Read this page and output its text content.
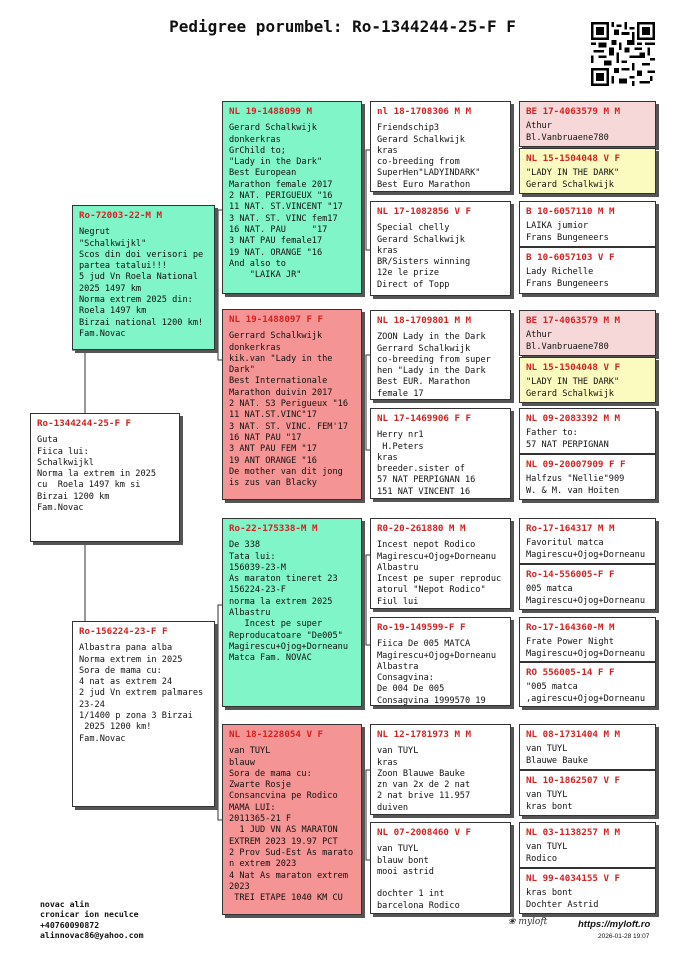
Pedigree porumbel: Ro-1344244-25-F F
Ro-1344244-25-F F
Guta
Fiica lui:
Schalkwijkl
Norma la extrem in 2025
cu  Roela 1497 km si
Birzai 1200 km
Fam.Novac
Ro-72003-22-M M
Negrut
"Schalkwijkl"
Scos din doi verisori pe
partea tatalui!!!
5 jud Vn Roela National
2025 1497 km
Norma extrem 2025 din:
Roela 1497 km
Birzai national 1200 km!
Fam.Novac
Ro-156224-23-F F
Albastra pana alba
Norma extrem in 2025
Sora de mama cu:
4 nat as extrem 24
2 jud Vn extrem palmares
23-24
1/1400 p zona 3 Birzai
2025 1200 km!
Fam.Novac
NL 19-1488099 M
Gerard Schalkwijk
donkerkras
GrChild to;
"Lady in the Dark"
Best European
Marathon female 2017
2 NAT. PERIGUEUX "16
11 NAT. ST.VINCENT "17
3 NAT. ST. VINC fem17
16 NAT. PAU     "17
3 NAT PAU female17
19 NAT. ORANGE "16
And also to
"LAIKA JR"
NL 19-1488097 F F
Gerrard Schalkwijk
donkerkras
kik.van "Lady in the
Dark"
Best Internationale
Marathon duivin 2017
2 NAT. S3 Perigueux "16
11 NAT.ST.VINC"17
3 NAT. ST. VINC. FEM'17
16 NAT PAU "17
3 ANT PAU FEM "17
19 ANT ORANGE "16
De mother van dit jong
is zus van Blacky
Ro-22-175338-M M
De 338
Tata lui:
156039-23-M
As maraton tineret 23
156224-23-F
norma la extrem 2025
Albastru
Incest pe super
Reproducatoare "De005"
Magirescu+Ojog+Dorneanu
Matca Fam. NOVAC
NL 18-1228054 V F
van TUYL
blauw
Sora de mama cu:
Zwarte Rosje
Consancvina pe Rodico
MAMA LUI:
2011365-21 F
1 JUD VN AS MARATON
EXTREM 2023 19.97 PCT
2 Prov Sud-Est As marato
n extrem 2023
4 Nat As maraton extrem
2023
TREI ETAPE 1040 KM CU
nl 18-1708306 M M
Friendschip3
Gerard Schalkwijk
kras
co-breeding from
SuperHen"LADYINDARK"
Best Euro Marathon
NL 17-1082856 V F
Special chelly
Gerard Schalkwijk
kras
BR/Sisters winning
12e le prize
Direct of Topp
NL 18-1709801 M M
ZOON Lady in the Dark
Gerrard Schalkwijk
co-breeding from super
hen "Lady in the Dark
Best EUR. Marathon
female 17
NL 17-1469906 F F
Herry nr1
H.Peters
kras
breeder.sister of
57 NAT PERPIGNAN 16
151 NAT VINCENT 16
R0-20-261880 M M
Incest nepot Rodico
Magirescu+Ojog+Dorneanu
Albastru
Incest pe super reproduc
atorul "Nepot Rodico"
Fiul lui
Ro-19-149599-F F
Fiica De 005 MATCA
Magirescu+Ojog+Dorneanu
Albastra
Consagvina:
De 004 De 005
Consagvina 1999570 19
NL 12-1781973 M M
van TUYL
kras
Zoon Blauwe Bauke
zn van 2x de 2 nat
2 nat brive 11.957
duiven
NL 07-2008460 V F
van TUYL
blauw bont
mooi astrid

dochter 1 int
barcelona Rodico
BE 17-4063579 M M
Athur
Bl.Vanbruaene780
NL 15-1504048 V F
"LADY IN THE DARK"
Gerard Schalkwijk
B 10-6057110 M M
LAIKA jumior
Frans Bungeneers
B 10-6057103 V F
Lady Richelle
Frans Bungeneers
BE 17-4063579 M M
Athur
Bl.Vanbruaene780
NL 15-1504048 V F
"LADY IN THE DARK"
Gerard Schalkwijk
NL 09-2083392 M M
Father to:
57 NAT PERPIGNAN
NL 09-20007909 F F
Halfzus "Nellie"909
W. & M. van Hoiten
Ro-17-164317 M M
Favoritul matca
Magirescu+Ojog+Dorneanu
Ro-14-556005-F F
005 matca
Magirescu+Ojog+Dorneanu
Ro-17-164360-M M
Frate Power Night
Magirescu+Ojog+Dorneanu
RO 556005-14 F F
"005 matca
,agirescu+Ojog+Dorneanu
NL 08-1731404 M M
van TUYL
Blauwe Bauke
NL 10-1862507 V F
van TUYL
kras bont
NL 03-1138257 M M
van TUYL
Rodico
NL 99-4034155 V F
kras bont
Dochter Astrid
novac alin
cronicar ion neculce
+40760090872
alinnovac86@yahoo.com
❀ myloft	https://myloft.ro
2026-01-28 19:07
